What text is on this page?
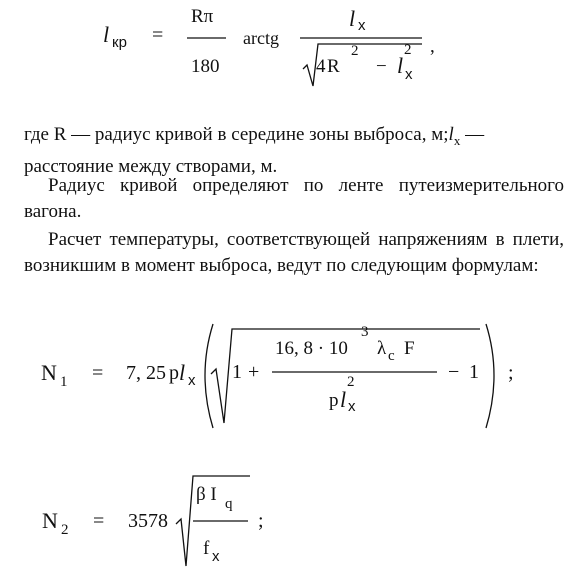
l кр =
Rπ
180
arctg
l x
4 R
2
− l x
2 ,
где R — радиус кривой в середине зоны выброса, $м;l_x$ —
расстояние между створами, м.
Радиус кривой определяют по ленте путеизмерительного вагона.
Расчет температуры, соответствующей напряжениям в плети, возникшим в момент выброса, ведут по следующим формулам:
N 1 = 7, 25 p l x 1 +
16, 8 · 10
3
λ c F
p l x
2	− 1 ;
N 2 = 3578
β I q
f x
;
